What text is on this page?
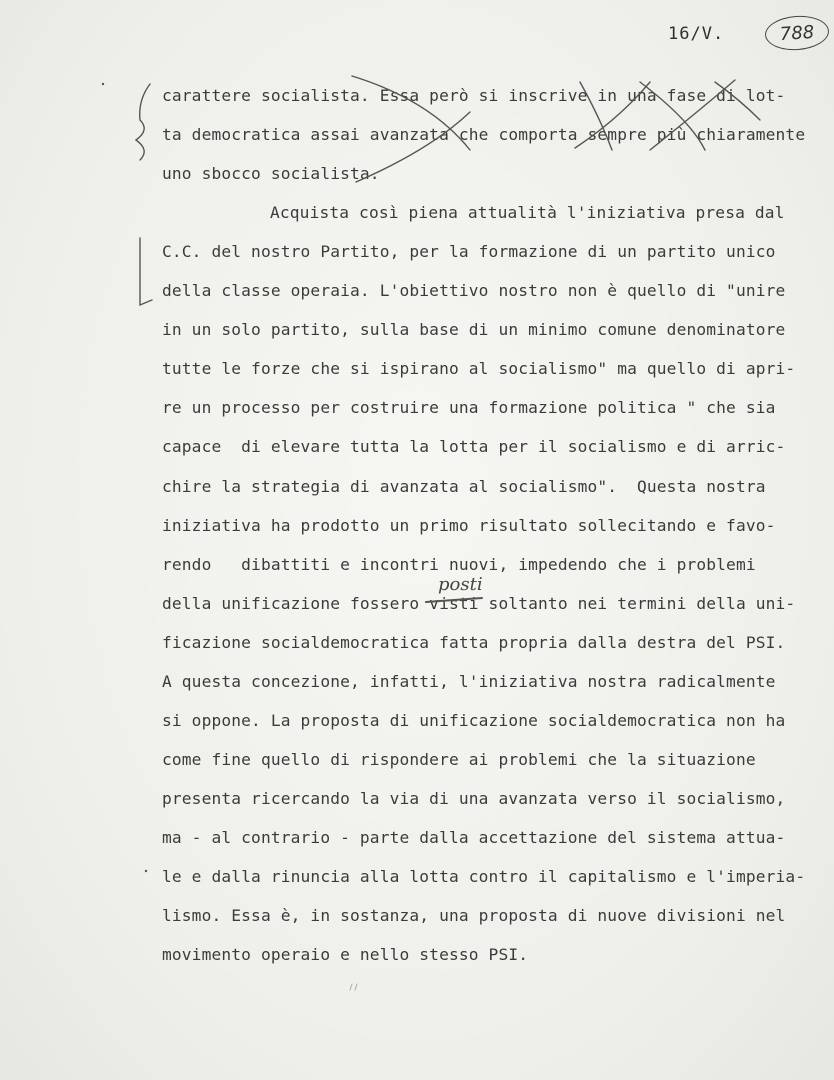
16/V.	788
carattere socialista. Essa però si inscrive in una fase di lot-
ta democratica assai avanzata che comporta sempre più chiaramente
uno sbocco socialista.
Acquista così piena attualità l'iniziativa presa dal
C.C. del nostro Partito, per la formazione di un partito unico
della classe operaia. L'obiettivo nostro non è quello di "unire
in un solo partito, sulla base di un minimo comune denominatore
tutte le forze che si ispirano al socialismo" ma quello di apri-
re un processo per costruire una formazione politica " che sia
capace  di elevare tutta la lotta per il socialismo e di arric-
chire la strategia di avanzata al socialismo".  Questa nostra
iniziativa ha prodotto un primo risultato sollecitando e favo-
rendo   dibattiti e incontri nuovi, impedendo che i problemi
della unificazione fossero visti soltanto nei termini della uni-
ficazione socialdemocratica fatta propria dalla destra del PSI.
A questa concezione, infatti, l'iniziativa nostra radicalmente
si oppone. La proposta di unificazione socialdemocratica non ha
come fine quello di rispondere ai problemi che la situazione
presenta ricercando la via di una avanzata verso il socialismo,
ma - al contrario - parte dalla accettazione del sistema attua-
le e dalla rinuncia alla lotta contro il capitalismo e l'imperia-
lismo. Essa è, in sostanza, una proposta di nuove divisioni nel
movimento operaio e nello stesso PSI.
posti
